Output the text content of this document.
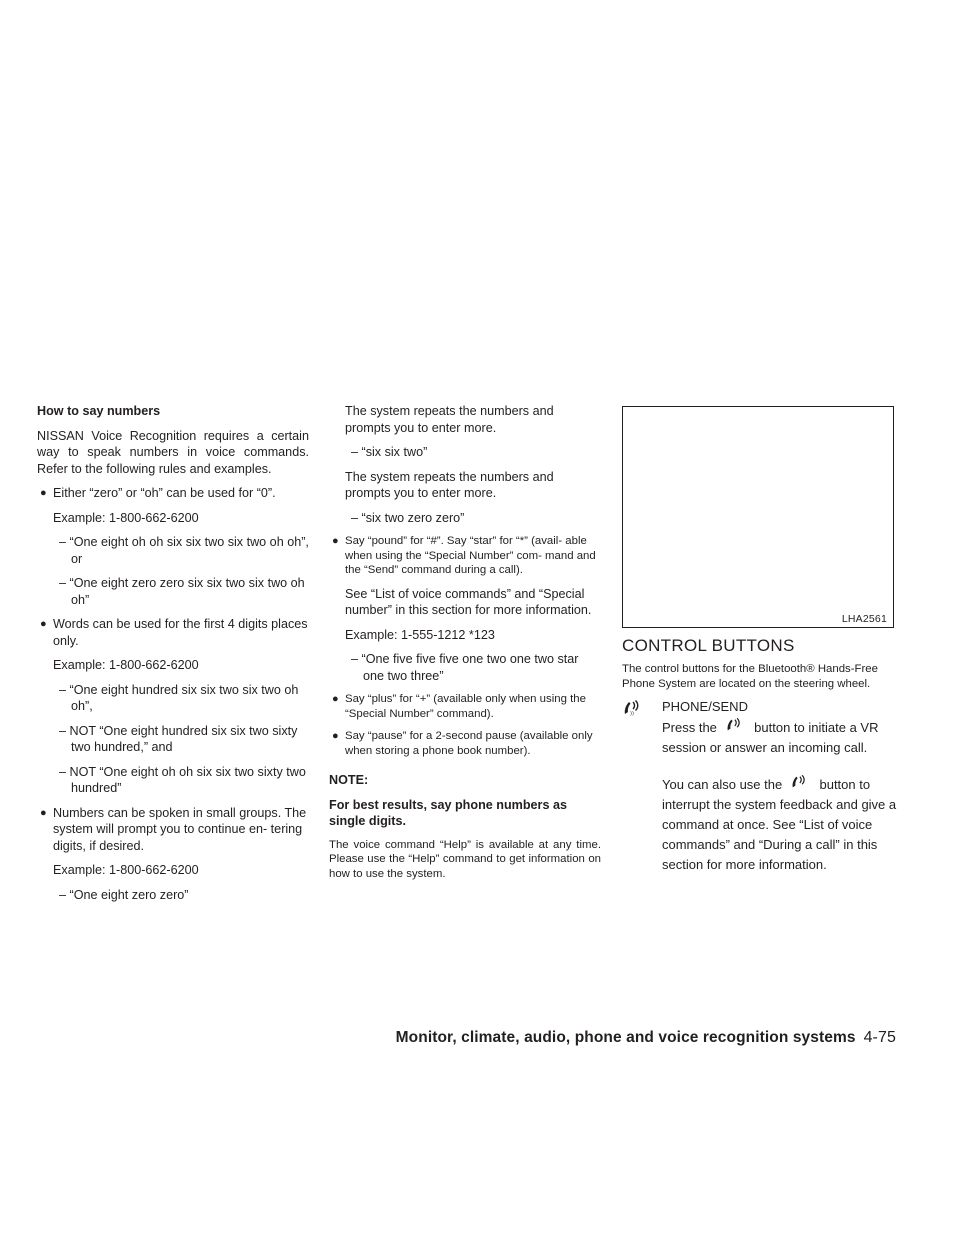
How to say numbers

NISSAN Voice Recognition requires a certain way to speak numbers in voice commands. Refer to the following rules and examples.

● Either “zero” or “oh” can be used for “0”.
Example: 1-800-662-6200
– “One eight oh oh six six two six two oh oh”, or
– “One eight zero zero six six two six two oh oh”
● Words can be used for the first 4 digits places only.
Example: 1-800-662-6200
– “One eight hundred six six two six two oh oh”,
– NOT “One eight hundred six six two sixty two hundred,” and
– NOT “One eight oh oh six six two sixty two hundred”
● Numbers can be spoken in small groups. The system will prompt you to continue en- tering digits, if desired.
Example: 1-800-662-6200
– “One eight zero zero”
The system repeats the numbers and prompts you to enter more.
– “six six two”
The system repeats the numbers and prompts you to enter more.
– “six two zero zero”
● Say “pound” for “#”. Say “star” for “*” (avail- able when using the “Special Number” com- mand and the “Send” command during a call).
See “List of voice commands” and “Special number” in this section for more information.
Example: 1-555-1212 *123
– “One five five five one two one two star one two three”
● Say “plus” for “+” (available only when using the “Special Number” command).
● Say “pause” for a 2-second pause (available only when storing a phone book number).
NOTE:
For best results, say phone numbers as single digits.

The voice command “Help” is available at any time. Please use the “Help” command to get information on how to use the system.

LHA2561
CONTROL BUTTONS
The control buttons for the Bluetooth® Hands-Free Phone System are located on the steering wheel.
)) PHONE/SEND
Press the	button to initiate a VR session or answer an incoming call.
You can also use the	button to interrupt the system feedback and give a command at once. See “List of voice commands” and “During a call” in this section for more information.
Monitor, climate, audio, phone and voice recognition systems 4-75
